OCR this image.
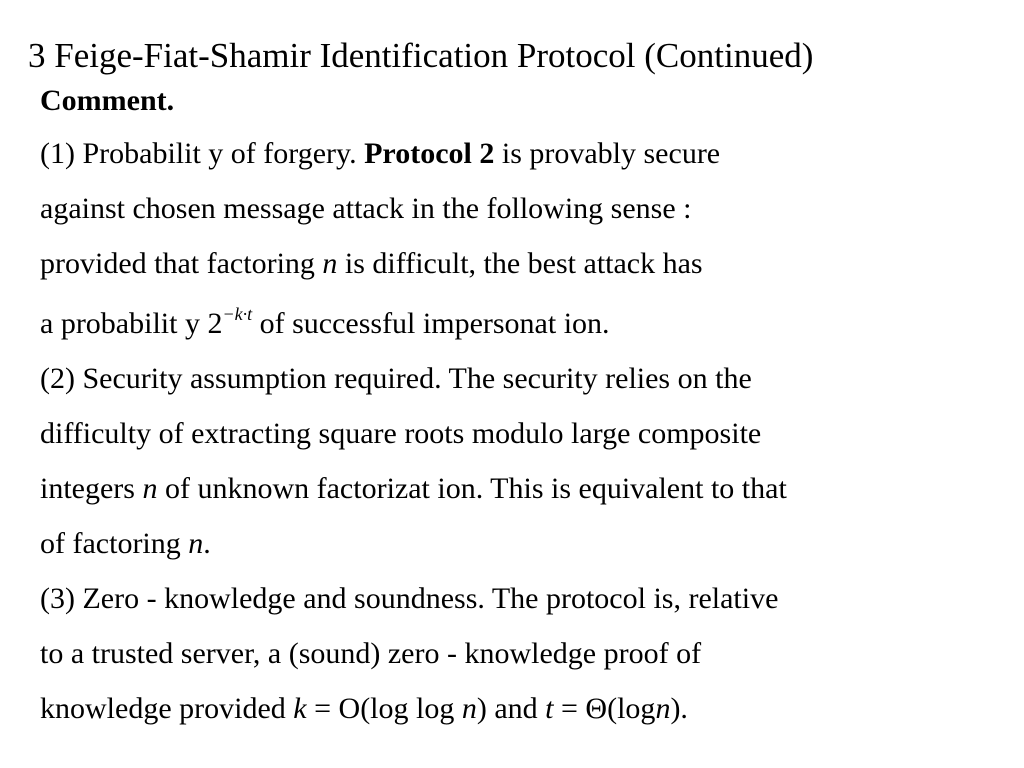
3 Feige-Fiat-Shamir Identification Protocol (Continued)
Comment.
(1) Probabilit y of forgery. Protocol 2 is provably secure
against chosen message attack in the following sense :
provided that factoring n is difficult, the best attack has
a probabilit y $2^{-k\cdot t}$ of successful impersonat ion.
(2) Security assumption required. The security relies on the
difficulty of extracting square roots modulo large composite
integers n of unknown factorizat ion. This is equivalent to that
of factoring n.
(3) Zero - knowledge and soundness. The protocol is, relative
to a trusted server, a (sound) zero - knowledge proof of
knowledge provided k = O(log log n) and t = Θ(logn).
